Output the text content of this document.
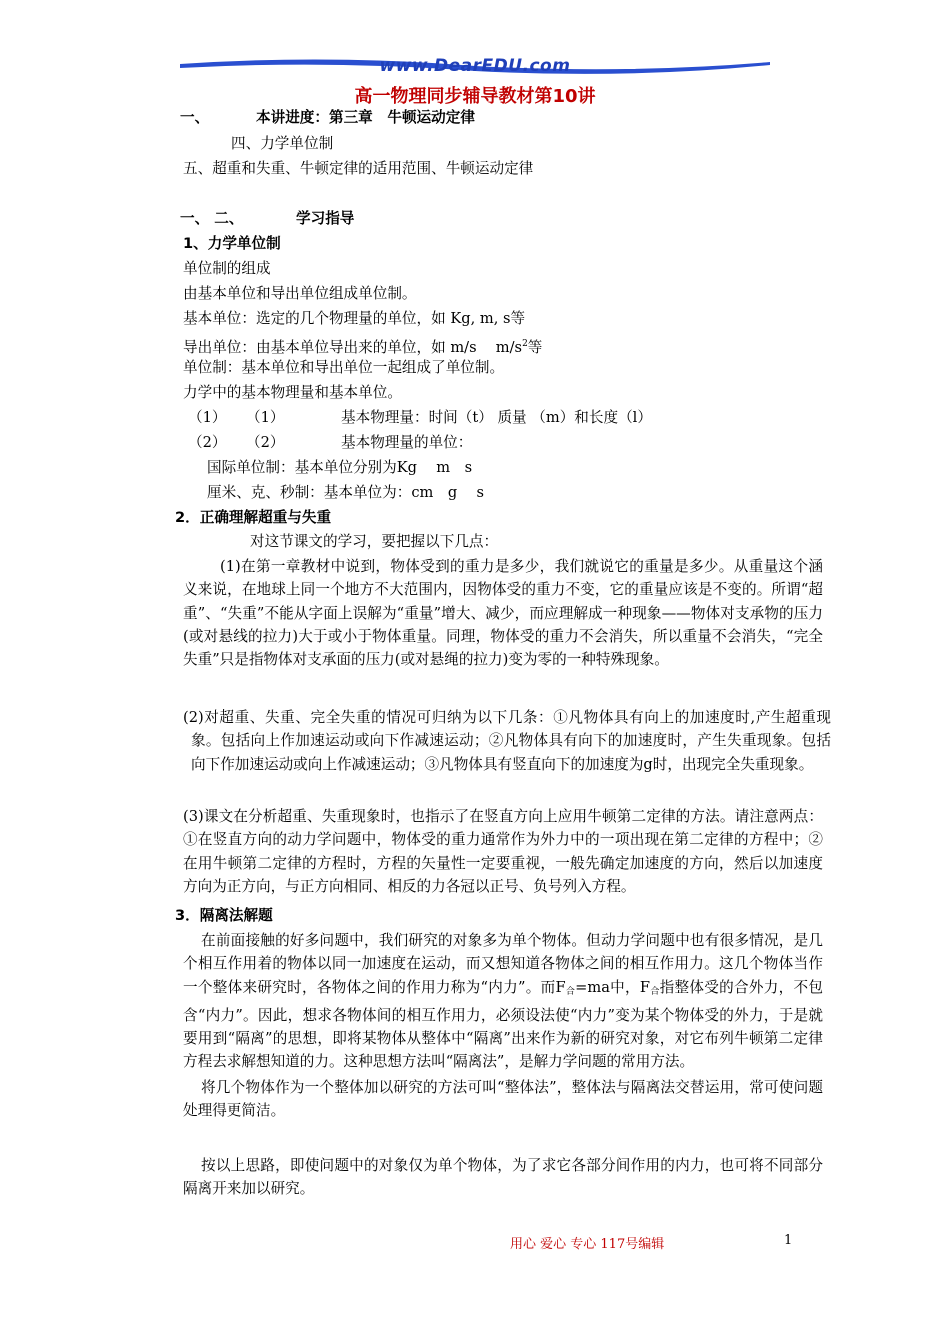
www.DearEDU.com
高一物理同步辅导教材第10讲
一、	本讲进度：第三章　牛顿运动定律
四、力学单位制
五、超重和失重、牛顿定律的适用范围、牛顿运动定律
一、 二、	学习指导
1、力学单位制
单位制的组成
由基本单位和导出单位组成单位制。
基本单位：选定的几个物理量的单位，如 Kg, m, s等
导出单位：由基本单位导出来的单位，如 m/s　 $m/s^2$等
单位制：基本单位和导出单位一起组成了单位制。
力学中的基本物理量和基本单位。
（1） （1）	基本物理量：时间（t） 质量 （m）和长度（l）
（2） （2）	基本物理量的单位：
国际单位制：基本单位分别为Kg　 m　s
厘米、克、秒制：基本单位为：cm　g　 s
2．正确理解超重与失重
对这节课文的学习，要把握以下几点：
(1)在第一章教材中说到，物体受到的重力是多少，我们就说它的重量是多少。从重量这个涵义来说，在地球上同一个地方不大范围内，因物体受的重力不变，它的重量应该是不变的。所谓“超重”、“失重”不能从字面上误解为“重量”增大、减少，而应理解成一种现象——物体对支承物的压力(或对悬线的拉力)大于或小于物体重量。同理，物体受的重力不会消失，所以重量不会消失，“完全失重”只是指物体对支承面的压力(或对悬绳的拉力)变为零的一种特殊现象。
(2)对超重、失重、完全失重的情况可归纳为以下几条：①凡物体具有向上的加速度时,产生超重现象。包括向上作加速运动或向下作减速运动；②凡物体具有向下的加速度时，产生失重现象。包括向下作加速运动或向上作减速运动；③凡物体具有竖直向下的加速度为g时，出现完全失重现象。
(3)课文在分析超重、失重现象时，也指示了在竖直方向上应用牛顿第二定律的方法。请注意两点：①在竖直方向的动力学问题中，物体受的重力通常作为外力中的一项出现在第二定律的方程中；②在用牛顿第二定律的方程时，方程的矢量性一定要重视，一般先确定加速度的方向，然后以加速度方向为正方向，与正方向相同、相反的力各冠以正号、负号列入方程。
3．隔离法解题
在前面接触的好多问题中，我们研究的对象多为单个物体。但动力学问题中也有很多情况，是几个相互作用着的物体以同一加速度在运动，而又想知道各物体之间的相互作用力。这几个物体当作一个整体来研究时，各物体之间的作用力称为“内力”。而$F_合=ma$中，$F_合$指整体受的合外力，不包含“内力”。因此，想求各物体间的相互作用力，必须设法使“内力”变为某个物体受的外力，于是就要用到“隔离”的思想，即将某物体从整体中“隔离”出来作为新的研究对象，对它布列牛顿第二定律方程去求解想知道的力。这种思想方法叫“隔离法”，是解力学问题的常用方法。
将几个物体作为一个整体加以研究的方法可叫“整体法”，整体法与隔离法交替运用，常可使问题处理得更简洁。
按以上思路，即使问题中的对象仅为单个物体，为了求它各部分间作用的内力，也可将不同部分隔离开来加以研究。
用心 爱心 专心 117号编辑	1
